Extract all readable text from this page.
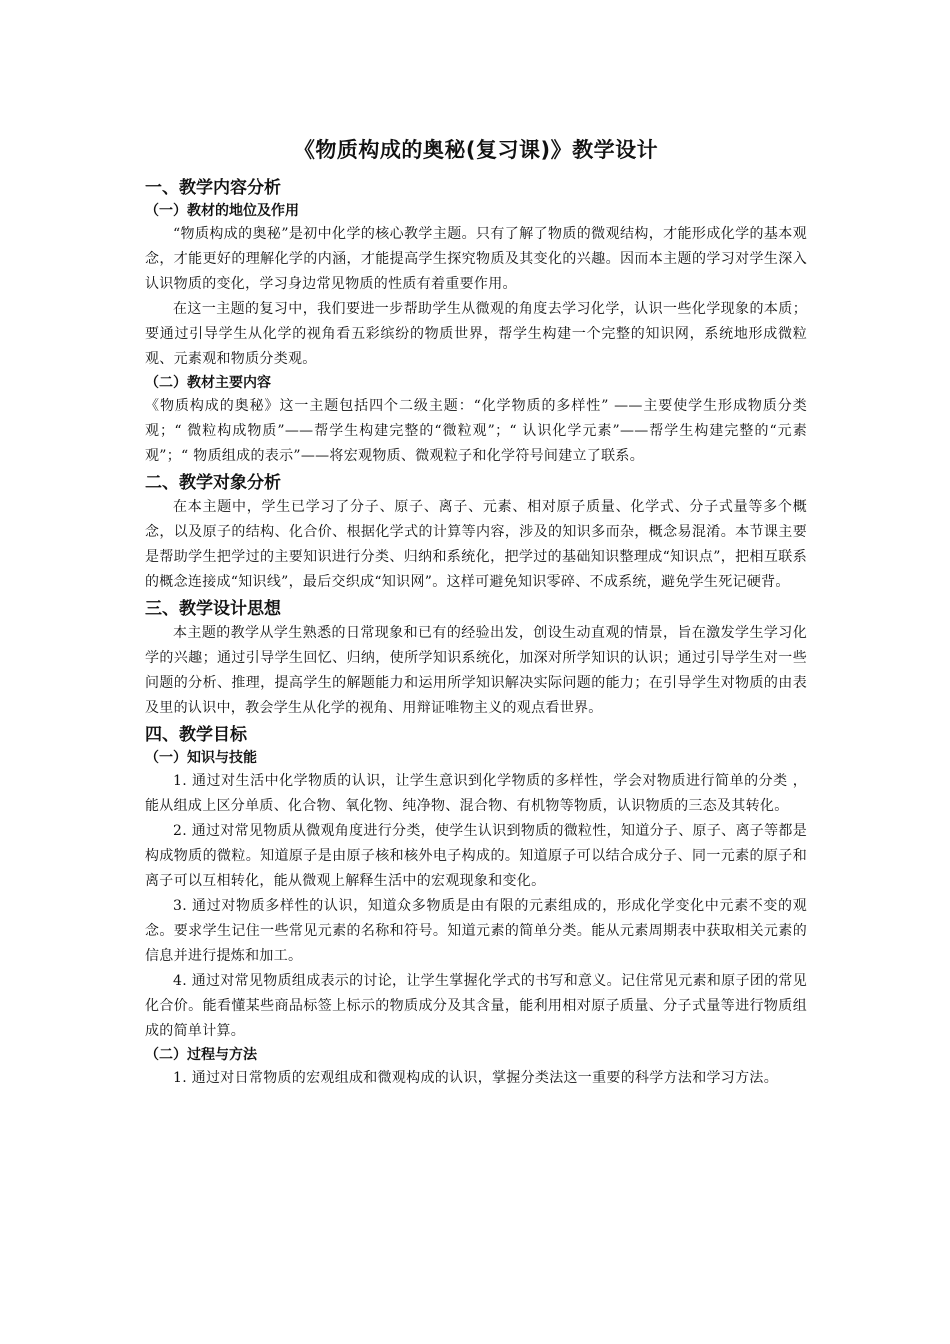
《物质构成的奥秘(复习课)》教学设计
一、教学内容分析
（一）教材的地位及作用

“物质构成的奥秘”是初中化学的核心教学主题。只有了解了物质的微观结构，才能形成化学的基本观念，才能更好的理解化学的内涵，才能提高学生探究物质及其变化的兴趣。因而本主题的学习对学生深入认识物质的变化，学习身边常见物质的性质有着重要作用。

在这一主题的复习中，我们要进一步帮助学生从微观的角度去学习化学，认识一些化学现象的本质；要通过引导学生从化学的视角看五彩缤纷的物质世界，帮学生构建一个完整的知识网，系统地形成微粒观、元素观和物质分类观。

（二）教材主要内容

《物质构成的奥秘》这一主题包括四个二级主题：“化学物质的多样性” ——主要使学生形成物质分类观；“ 微粒构成物质”——帮学生构建完整的“微粒观”；“ 认识化学元素”——帮学生构建完整的“元素观”；“ 物质组成的表示”——将宏观物质、微观粒子和化学符号间建立了联系。

二、教学对象分析

在本主题中，学生已学习了分子、原子、离子、元素、相对原子质量、化学式、分子式量等多个概念，以及原子的结构、化合价、根据化学式的计算等内容，涉及的知识多而杂，概念易混淆。本节课主要是帮助学生把学过的主要知识进行分类、归纳和系统化，把学过的基础知识整理成“知识点”，把相互联系的概念连接成“知识线”，最后交织成“知识网”。这样可避免知识零碎、不成系统，避免学生死记硬背。

三、教学设计思想

本主题的教学从学生熟悉的日常现象和已有的经验出发，创设生动直观的情景，旨在激发学生学习化学的兴趣；通过引导学生回忆、归纳，使所学知识系统化，加深对所学知识的认识；通过引导学生对一些问题的分析、推理，提高学生的解题能力和运用所学知识解决实际问题的能力；在引导学生对物质的由表及里的认识中，教会学生从化学的视角、用辩证唯物主义的观点看世界。

四、教学目标
（一）知识与技能

1. 通过对生活中化学物质的认识，让学生意识到化学物质的多样性，学会对物质进行简单的分类 ，能从组成上区分单质、化合物、氧化物、纯净物、混合物、有机物等物质，认识物质的三态及其转化。

2. 通过对常见物质从微观角度进行分类，使学生认识到物质的微粒性，知道分子、原子、离子等都是构成物质的微粒。知道原子是由原子核和核外电子构成的。知道原子可以结合成分子、同一元素的原子和离子可以互相转化，能从微观上解释生活中的宏观现象和变化。

3. 通过对物质多样性的认识，知道众多物质是由有限的元素组成的，形成化学变化中元素不变的观念。要求学生记住一些常见元素的名称和符号。知道元素的简单分类。能从元素周期表中获取相关元素的信息并进行提炼和加工。

4. 通过对常见物质组成表示的讨论，让学生掌握化学式的书写和意义。记住常见元素和原子团的常见化合价。能看懂某些商品标签上标示的物质成分及其含量，能利用相对原子质量、分子式量等进行物质组成的简单计算。

（二）过程与方法

1. 通过对日常物质的宏观组成和微观构成的认识，掌握分类法这一重要的科学方法和学习方法。
